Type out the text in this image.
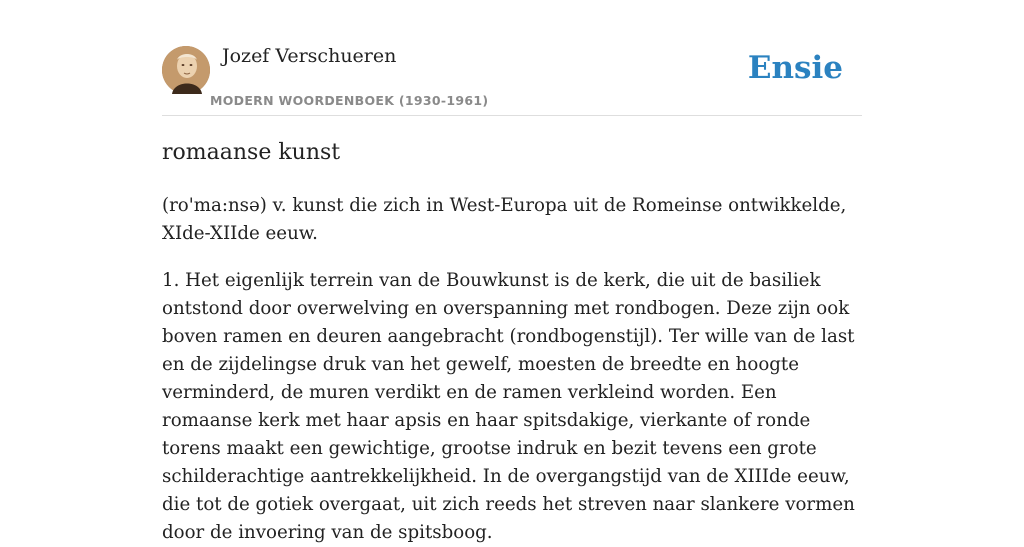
Jozef Verschueren
MODERN WOORDENBOEK (1930-1961)
Ensie
romaanse kunst

(ro'ma:nsə) v. kunst die zich in West-Europa uit de Romeinse ontwikkelde, XIde-XIIde eeuw.

1. Het eigenlijk terrein van de Bouwkunst is de kerk, die uit de basiliek ontstond door overwelving en overspanning met rondbogen. Deze zijn ook boven ramen en deuren aangebracht (rondbogenstijl). Ter wille van de last en de zijdelingse druk van het gewelf, moesten de breedte en hoogte verminderd, de muren verdikt en de ramen verkleind worden. Een romaanse kerk met haar apsis en haar spitsdakige, vierkante of ronde torens maakt een gewichtige, grootse indruk en bezit tevens een grote schilderachtige aantrekkelijkheid. In de overgangstijd van de XIIIde eeuw, die tot de gotiek overgaat, uit zich reeds het streven naar slankere vormen door de invoering van de spitsboog.
